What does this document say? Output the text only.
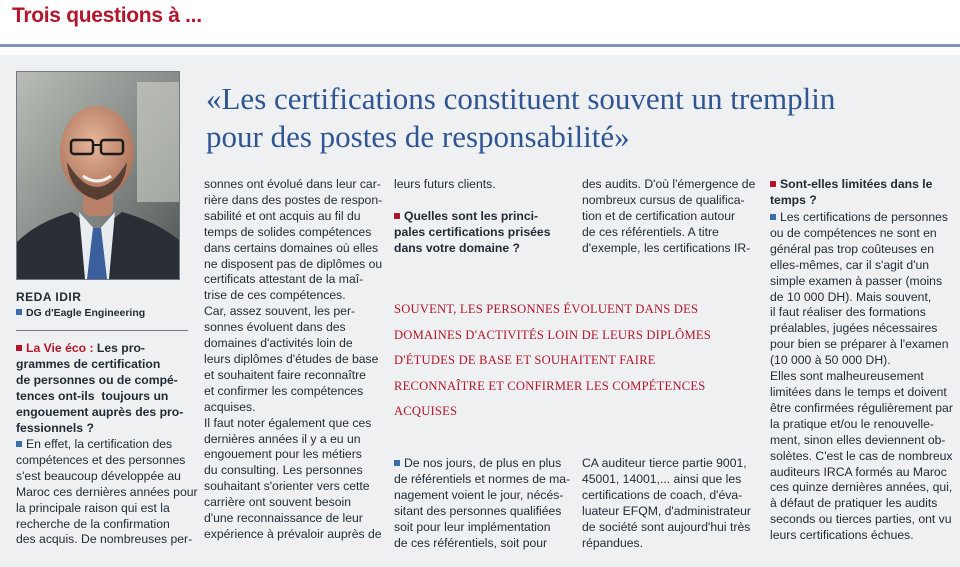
Trois questions à ...
REDA IDIR
DG d'Eagle Engineering
«Les certifications constituent souvent un tremplin
pour des postes de responsabilité»
La Vie éco : Les pro-
grammes de certification
de personnes ou de compé-
tences ont-ils  toujours un
engouement auprès des pro-
fessionnels ?
En effet, la certification des
compétences et des personnes
s'est beaucoup développée au
Maroc ces dernières années pour
la principale raison qui est la
recherche de la confirmation
des acquis. De nombreuses per-
sonnes ont évolué dans leur car-
rière dans des postes de respon-
sabilité et ont acquis au fil du
temps de solides compétences
dans certains domaines où elles
ne disposent pas de diplômes ou
certificats attestant de la maî-
trise de ces compétences.
Car, assez souvent, les per-
sonnes évoluent dans des
domaines d'activités loin de
leurs diplômes d'études de base
et souhaitent faire reconnaître
et confirmer les compétences
acquises.
Il faut noter également que ces
dernières années il y a eu un
engouement pour les métiers
du consulting. Les personnes
souhaitant s'orienter vers cette
carrière ont souvent besoin
d'une reconnaissance de leur
expérience à prévaloir auprès de
leurs futurs clients.
Quelles sont les princi-
pales certifications prisées
dans votre domaine ?
des audits. D'où l'émergence de
nombreux cursus de qualifica-
tion et de certification autour
de ces référentiels. A titre
d'exemple, les certifications IR-
SOUVENT, LES PERSONNES ÉVOLUENT DANS DES
DOMAINES D'ACTIVITÉS LOIN DE LEURS DIPLÔMES
D'ÉTUDES DE BASE ET SOUHAITENT FAIRE
RECONNAÎTRE ET CONFIRMER LES COMPÉTENCES
ACQUISES
De nos jours, de plus en plus
de référentiels et normes de ma-
nagement voient le jour, nécés-
sitant des personnes qualifiées
soit pour leur implémentation
de ces référentiels, soit pour
CA auditeur tierce partie 9001,
45001, 14001,... ainsi que les
certifications de coach, d'éva-
luateur EFQM, d'administrateur
de société sont aujourd'hui très
répandues.
Sont-elles limitées dans le
temps ?
Les certifications de personnes
ou de compétences ne sont en
général pas trop coûteuses en
elles-mêmes, car il s'agit d'un
simple examen à passer (moins
de 10 000 DH). Mais souvent,
il faut réaliser des formations
préalables, jugées nécessaires
pour bien se préparer à l'examen
(10 000 à 50 000 DH).
Elles sont malheureusement
limitées dans le temps et doivent
être confirmées régulièrement par
la pratique et/ou le renouvelle-
ment, sinon elles deviennent ob-
solètes. C'est le cas de nombreux
auditeurs IRCA formés au Maroc
ces quinze dernières années, qui,
à défaut de pratiquer les audits
seconds ou tierces parties, ont vu
leurs certifications échues.
